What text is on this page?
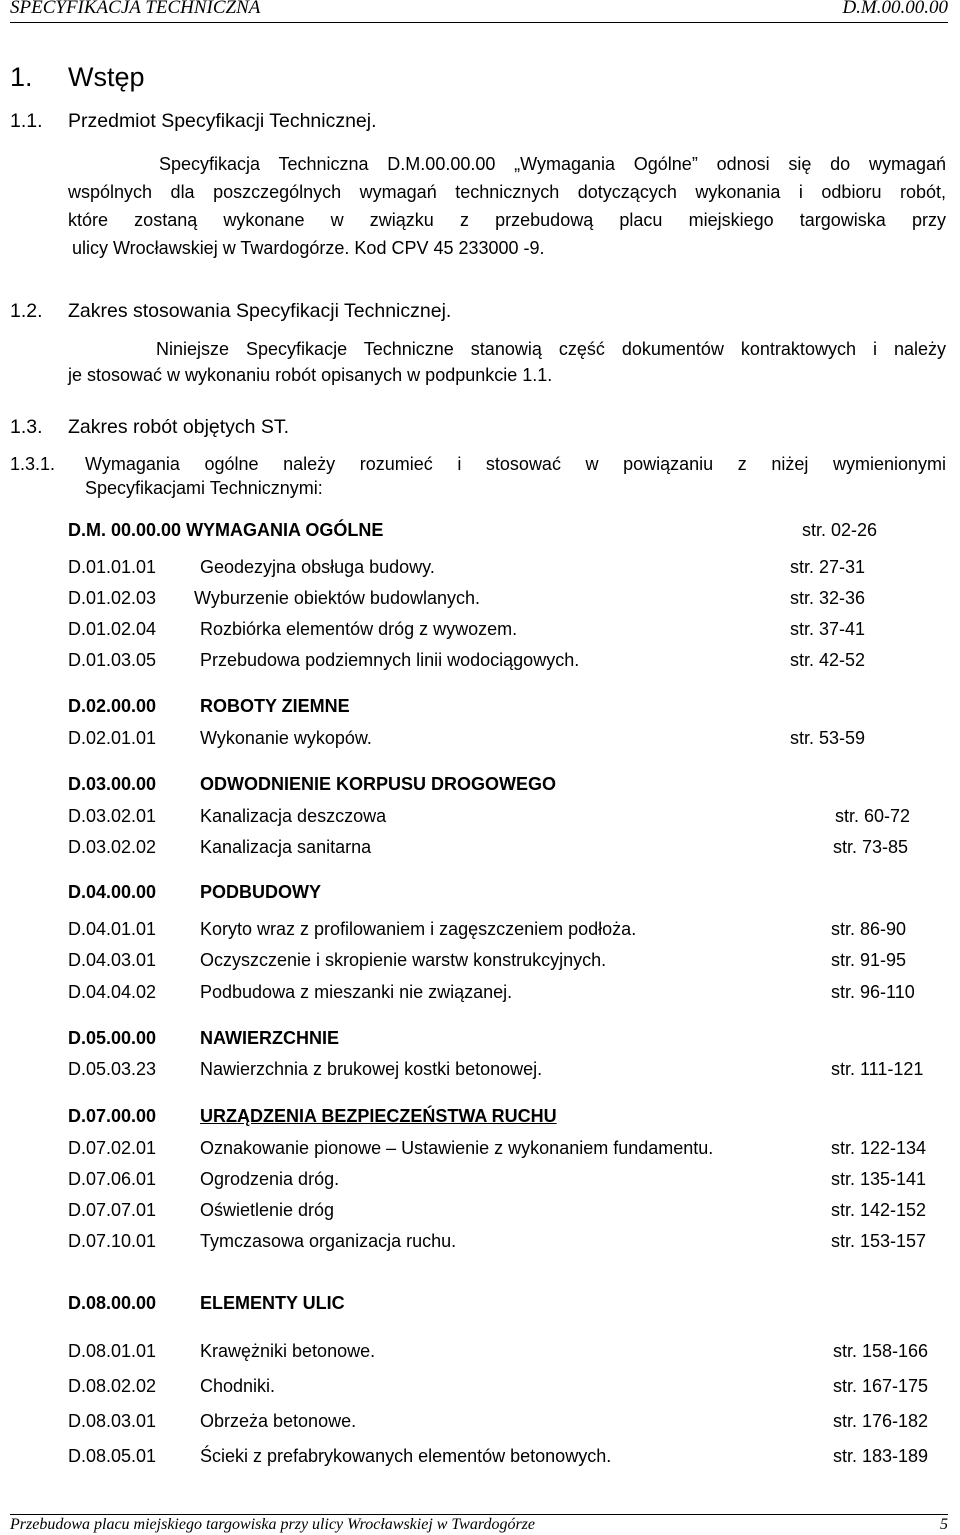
SPECYFIKACJA TECHNICZNA	D.M.00.00.00
1. Wstęp
1.1. Przedmiot Specyfikacji Technicznej.
Specyfikacja Techniczna D.M.00.00.00 „Wymagania Ogólne” odnosi się do wymagań
wspólnych dla poszczególnych wymagań technicznych dotyczących wykonania i odbioru robót,
które zostaną wykonane w związku z przebudową placu miejskiego targowiska przy
ulicy Wrocławskiej w Twardogórze. Kod CPV 45 233000 -9.
1.2. Zakres stosowania Specyfikacji Technicznej.
Niniejsze Specyfikacje Techniczne stanowią część dokumentów kontraktowych i należy
je stosować w wykonaniu robót opisanych w podpunkcie 1.1.
1.3. Zakres robót objętych ST.
1.3.1. Wymagania ogólne należy rozumieć i stosować w powiązaniu z niżej wymienionymi
Specyfikacjami Technicznymi:
D.M. 00.00.00 WYMAGANIA OGÓLNE	str. 02-26
D.01.01.01 Geodezyjna obsługa budowy.	str. 27-31
D.01.02.03 Wyburzenie obiektów budowlanych.	str. 32-36
D.01.02.04 Rozbiórka elementów dróg z wywozem.	str. 37-41
D.01.03.05 Przebudowa podziemnych linii wodociągowych.	str. 42-52
D.02.00.00 ROBOTY ZIEMNE
D.02.01.01 Wykonanie wykopów.	str. 53-59
D.03.00.00 ODWODNIENIE KORPUSU DROGOWEGO
D.03.02.01 Kanalizacja deszczowa	str. 60-72
D.03.02.02 Kanalizacja sanitarna	str. 73-85
D.04.00.00 PODBUDOWY
D.04.01.01 Koryto wraz z profilowaniem i zagęszczeniem podłoża.	str. 86-90
D.04.03.01 Oczyszczenie i skropienie warstw konstrukcyjnych.	str. 91-95
D.04.04.02 Podbudowa z mieszanki nie związanej.	str. 96-110
D.05.00.00 NAWIERZCHNIE
D.05.03.23 Nawierzchnia z brukowej kostki betonowej.	str. 111-121
D.07.00.00 URZĄDZENIA BEZPIECZEŃSTWA RUCHU
D.07.02.01 Oznakowanie pionowe – Ustawienie z wykonaniem fundamentu.	str. 122-134
D.07.06.01 Ogrodzenia dróg.	str. 135-141
D.07.07.01 Oświetlenie dróg	str. 142-152
D.07.10.01 Tymczasowa organizacja ruchu.	str. 153-157
D.08.00.00 ELEMENTY ULIC
D.08.01.01 Krawężniki betonowe.	str. 158-166
D.08.02.02 Chodniki.	str. 167-175
D.08.03.01 Obrzeża betonowe.	str. 176-182
D.08.05.01 Ścieki z prefabrykowanych elementów betonowych.	str. 183-189
Przebudowa placu miejskiego targowiska przy ulicy Wrocławskiej w Twardogórze	5
